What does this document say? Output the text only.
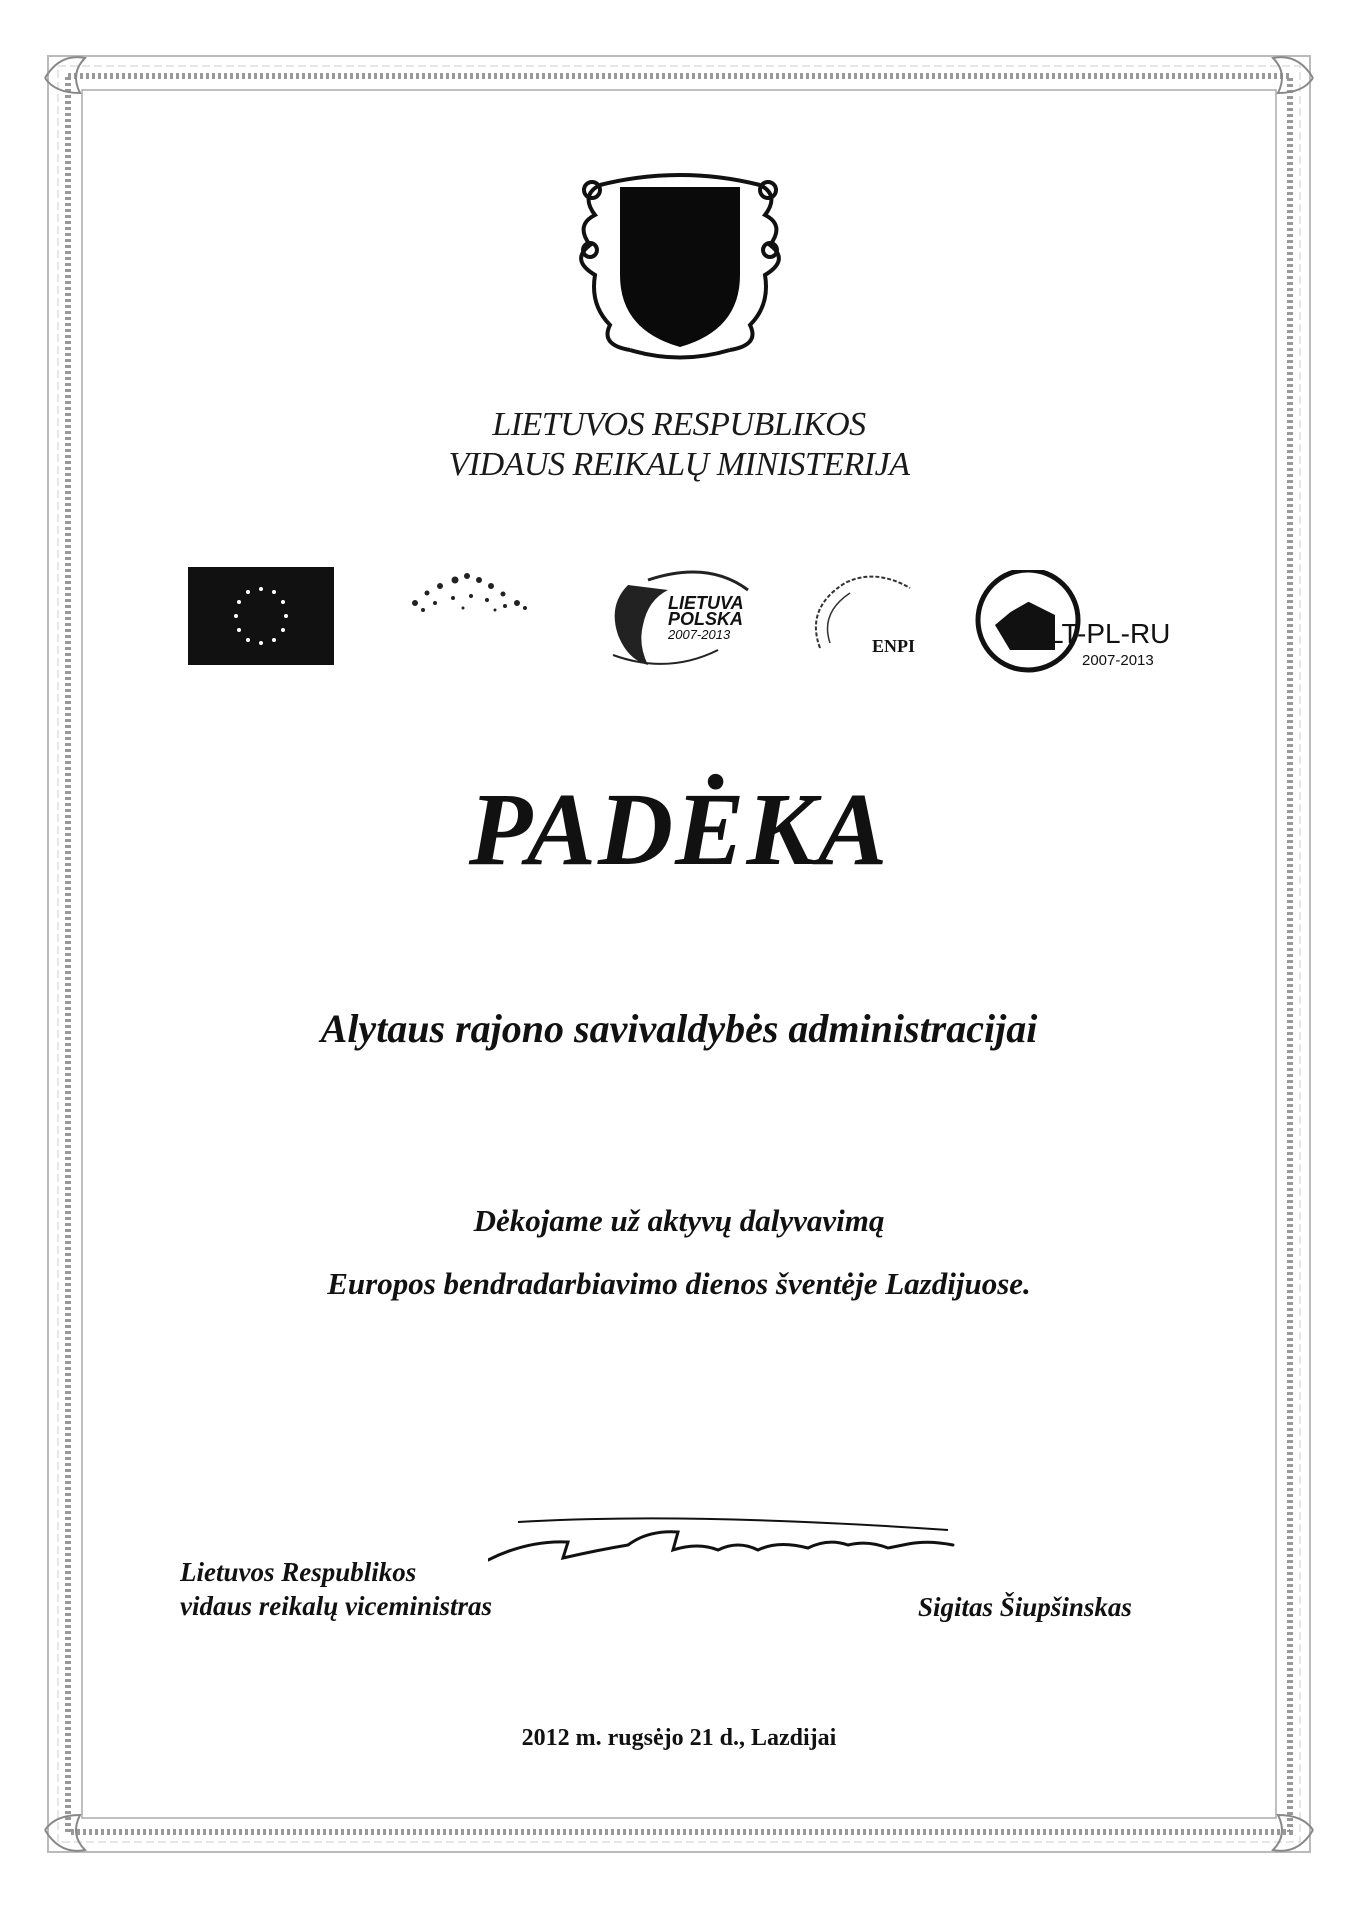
LIETUVOS RESPUBLIKOS
VIDAUS REIKALŲ MINISTERIJA
LIETUVA
POLSKA
2007-2013
ENPI	LT-PL-RU
2007-2013
PADĖKA
Alytaus rajono savivaldybės administracijai
Dėkojame už aktyvų dalyvavimą
Europos bendradarbiavimo dienos šventėje Lazdijuose.
Lietuvos Respublikos
vidaus reikalų viceministras	Sigitas Šiupšinskas
2012 m. rugsėjo 21 d., Lazdijai
